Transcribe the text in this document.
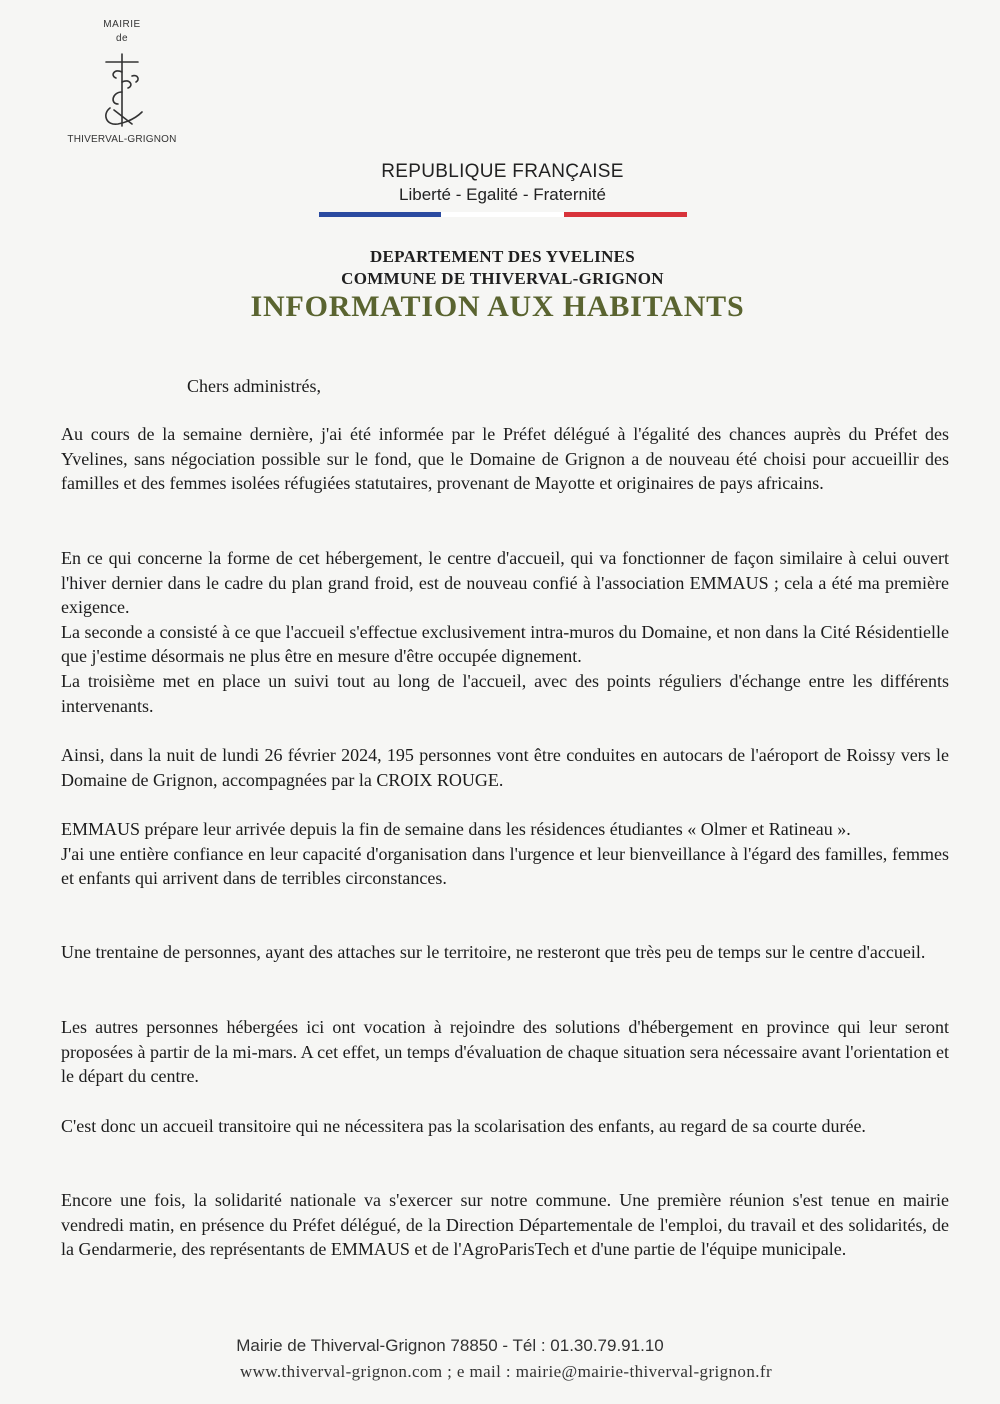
MAIRIE
de
THIVERVAL-GRIGNON
REPUBLIQUE FRANÇAISE
Liberté - Egalité - Fraternité
DEPARTEMENT DES YVELINES
COMMUNE DE THIVERVAL-GRIGNON
INFORMATION AUX HABITANTS
Chers administrés,

Au cours de la semaine dernière, j'ai été informée par le Préfet délégué à l'égalité des chances auprès du Préfet des Yvelines, sans négociation possible sur le fond, que le Domaine de Grignon a de nouveau été choisi pour accueillir des familles et des femmes isolées réfugiées statutaires, provenant de Mayotte et originaires de pays africains.

En ce qui concerne la forme de cet hébergement, le centre d'accueil, qui va fonctionner de façon similaire à celui ouvert l'hiver dernier dans le cadre du plan grand froid, est de nouveau confié à l'association EMMAUS ; cela a été ma première exigence.

La seconde a consisté à ce que l'accueil s'effectue exclusivement intra-muros du Domaine, et non dans la Cité Résidentielle que j'estime désormais ne plus être en mesure d'être occupée dignement.

La troisième met en place un suivi tout au long de l'accueil, avec des points réguliers d'échange entre les différents intervenants.

Ainsi, dans la nuit de lundi 26 février 2024, 195 personnes vont être conduites en autocars de l'aéroport de Roissy vers le Domaine de Grignon, accompagnées par la CROIX ROUGE.

EMMAUS prépare leur arrivée depuis la fin de semaine dans les résidences étudiantes « Olmer et Ratineau ».

J'ai une entière confiance en leur capacité d'organisation dans l'urgence et leur bienveillance à l'égard des familles, femmes et enfants qui arrivent dans de terribles circonstances.

Une trentaine de personnes, ayant des attaches sur le territoire, ne resteront que très peu de temps sur le centre d'accueil.

Les autres personnes hébergées ici ont vocation à rejoindre des solutions d'hébergement en province qui leur seront proposées à partir de la mi-mars. A cet effet, un temps d'évaluation de chaque situation sera nécessaire avant l'orientation et le départ du centre.

C'est donc un accueil transitoire qui ne nécessitera pas la scolarisation des enfants, au regard de sa courte durée.

Encore une fois, la solidarité nationale va s'exercer sur notre commune. Une première réunion s'est tenue en mairie vendredi matin, en présence du Préfet délégué, de la Direction Départementale de l'emploi, du travail et des solidarités, de la Gendarmerie, des représentants de EMMAUS et de l'AgroParisTech et d'une partie de l'équipe municipale.

Mairie de Thiverval-Grignon 78850 - Tél : 01.30.79.91.10
www.thiverval-grignon.com ; e mail : mairie@mairie-thiverval-grignon.fr
